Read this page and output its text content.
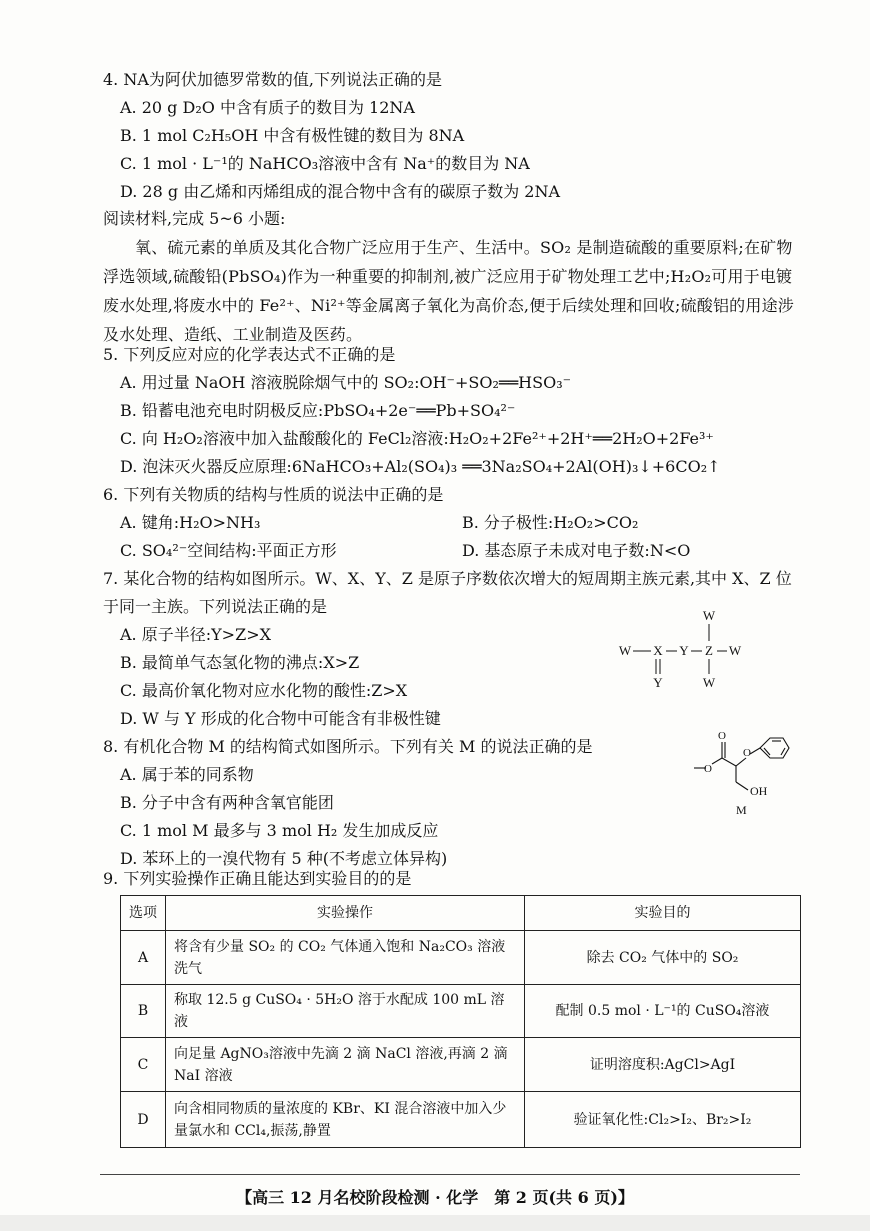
4. NA为阿伏加德罗常数的值,下列说法正确的是
A. 20 g D₂O 中含有质子的数目为 12NA
B. 1 mol C₂H₅OH 中含有极性键的数目为 8NA
C. 1 mol · L⁻¹的 NaHCO₃溶液中含有 Na⁺的数目为 NA
D. 28 g 由乙烯和丙烯组成的混合物中含有的碳原子数为 2NA
阅读材料,完成 5~6 小题:
氧、硫元素的单质及其化合物广泛应用于生产、生活中。SO₂ 是制造硫酸的重要原料;在矿物浮选领域,硫酸铅(PbSO₄)作为一种重要的抑制剂,被广泛应用于矿物处理工艺中;H₂O₂可用于电镀废水处理,将废水中的 Fe²⁺、Ni²⁺等金属离子氧化为高价态,便于后续处理和回收;硫酸铝的用途涉及水处理、造纸、工业制造及医药。
5. 下列反应对应的化学表达式不正确的是
A. 用过量 NaOH 溶液脱除烟气中的 SO₂:OH⁻+SO₂══HSO₃⁻
B. 铅蓄电池充电时阴极反应:PbSO₄+2e⁻══Pb+SO₄²⁻
C. 向 H₂O₂溶液中加入盐酸酸化的 FeCl₂溶液:H₂O₂+2Fe²⁺+2H⁺══2H₂O+2Fe³⁺
D. 泡沫灭火器反应原理:6NaHCO₃+Al₂(SO₄)₃ ══3Na₂SO₄+2Al(OH)₃↓+6CO₂↑
6. 下列有关物质的结构与性质的说法中正确的是
A. 键角:H₂O>NH₃	B. 分子极性:H₂O₂>CO₂
C. SO₄²⁻空间结构:平面正方形	D. 基态原子未成对电子数:N<O
7. 某化合物的结构如图所示。W、X、Y、Z 是原子序数依次增大的短周期主族元素,其中 X、Z 位
于同一主族。下列说法正确的是
A. 原子半径:Y>Z>X
B. 最简单气态氢化物的沸点:X>Z
C. 最高价氧化物对应水化物的酸性:Z>X
D. W 与 Y 形成的化合物中可能含有非极性键
W X Y Z W
W
W
Y
8. 有机化合物 M 的结构简式如图所示。下列有关 M 的说法正确的是
A. 属于苯的同系物
B. 分子中含有两种含氧官能团
C. 1 mol M 最多与 3 mol H₂ 发生加成反应
D. 苯环上的一溴代物有 5 种(不考虑立体异构)
O
O
O
OH
M
9. 下列实验操作正确且能达到实验目的的是
选项	实验操作	实验目的
A	将含有少量 SO₂ 的 CO₂ 气体通入饱和 Na₂CO₃ 溶液洗气	除去 CO₂ 气体中的 SO₂
B	称取 12.5 g CuSO₄ · 5H₂O 溶于水配成 100 mL 溶液	配制 0.5 mol · L⁻¹的 CuSO₄溶液
C	向足量 AgNO₃溶液中先滴 2 滴 NaCl 溶液,再滴 2 滴 NaI 溶液	证明溶度积:AgCl>AgI
D	向含相同物质的量浓度的 KBr、KI 混合溶液中加入少量氯水和 CCl₄,振荡,静置	验证氧化性:Cl₂>I₂、Br₂>I₂
【高三 12 月名校阶段检测 · 化学　第 2 页(共 6 页)】
